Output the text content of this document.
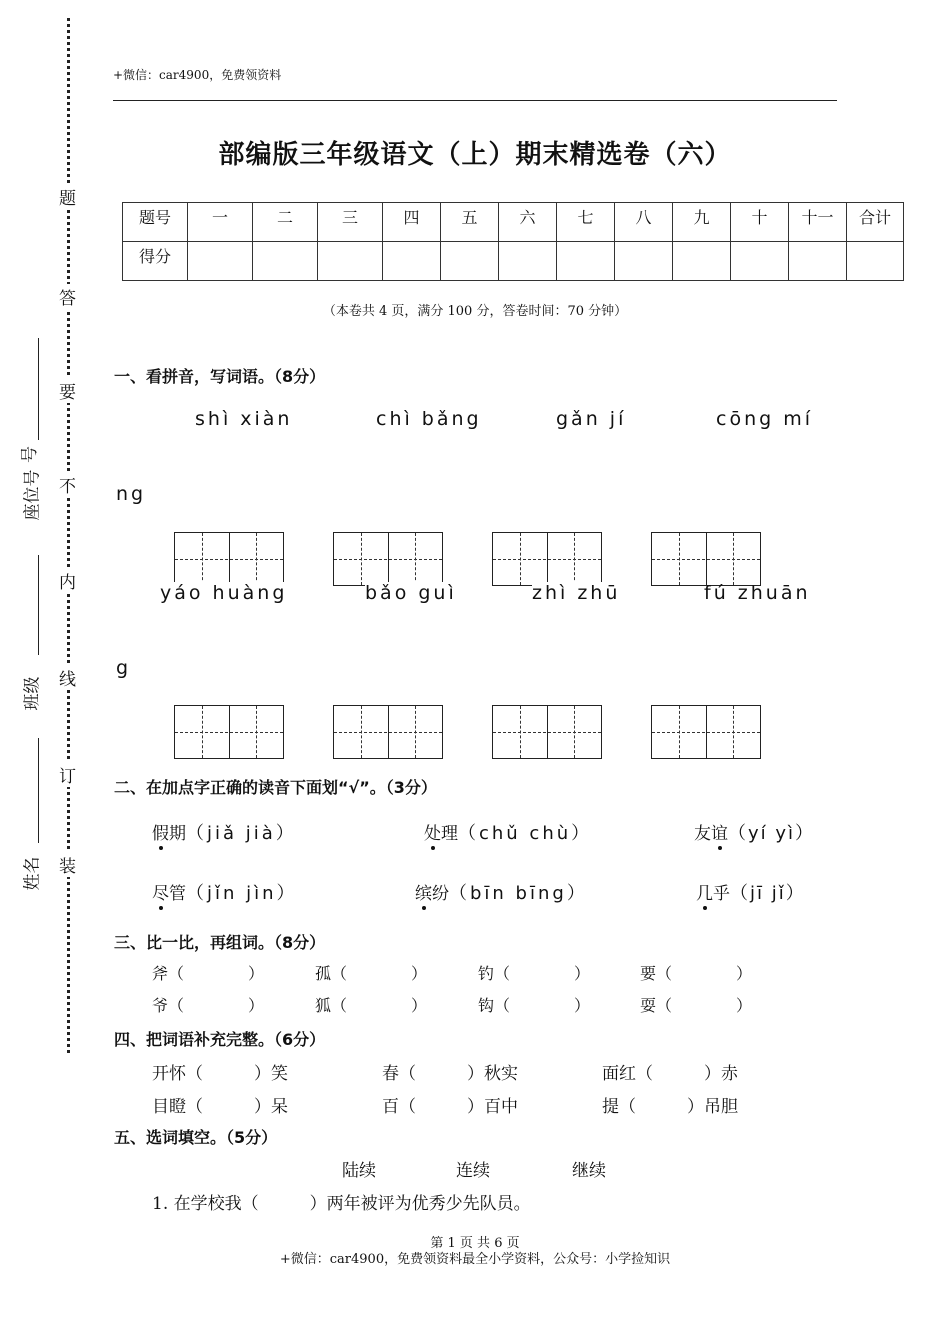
题
答
要
不
内
线
订
装
号
座位号
班级
姓名
+微信：car4900，免费领资料
部编版三年级语文（上）期末精选卷（六）
题号	一	二	三	四	五	六	七	八	九	十	十一	合计
得分												
（本卷共 4 页，满分 100 分，答卷时间：70 分钟）
一、看拼音，写词语。（8分）
shì xiàn	chì bǎng	gǎn jí	cōng mí
ng
yáo huàng	bǎo guì	zhì zhū	fú zhuān
g
二、在加点字正确的读音下面划“√”。（3分）
假期（jiǎ jià）	处理（chǔ chù）	友谊（yí yì）
尽管（jǐn jìn）	缤纷（bīn bīng）	几乎（jī jǐ）
三、比一比，再组词。（8分）
斧（　　　　）	孤（　　　　）	钓（　　　　）	要（　　　　）
爷（　　　　）	狐（　　　　）	钩（　　　　）	耍（　　　　）
四、把词语补充完整。（6分）
开怀（　　　）笑	春（　　　）秋实	面红（　　　）赤
目瞪（　　　）呆	百（　　　）百中	提（　　　）吊胆
五、选词填空。（5分）
陆续	连续	继续
1. 在学校我（　　　）两年被评为优秀少先队员。
第 1 页 共 6 页
+微信：car4900，免费领资料最全小学资料，公众号：小学捡知识
